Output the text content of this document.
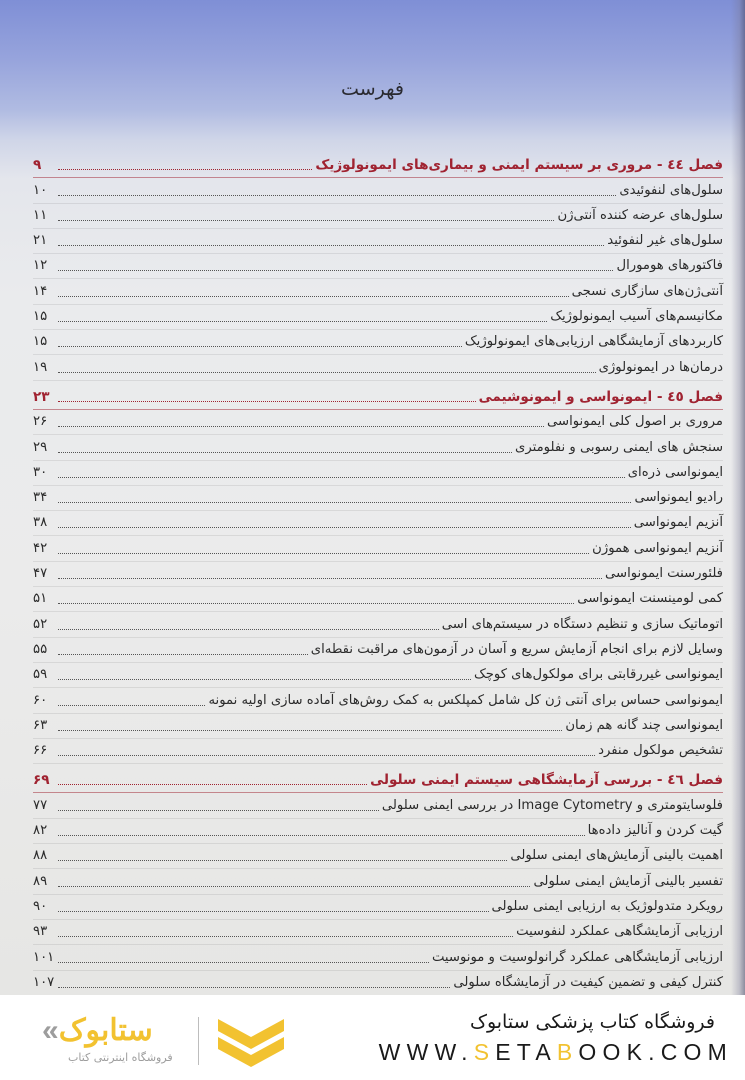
فهرست
فصل ٤٤ - مروری بر سیستم ایمنی و بیماری‌های ایمونولوژیک
۹
سلول‌های لنفوئیدی
۱۰
سلول‌های عرضه کننده آنتی‌ژن
۱۱
سلول‌های غیر لنفوئید
۲۱
فاکتورهای هومورال
۱۲
آنتی‌ژن‌های سازگاری نسجی
۱۴
مکانیسم‌های آسیب ایمونولوژیک
۱۵
کاربردهای آزمایشگاهی ارزیابی‌های ایمونولوژیک
۱۵
درمان‌ها در ایمونولوژی
۱۹
فصل ٤٥ - ایمونواسی و ایمونوشیمی
۲۳
مروری بر اصول کلی ایمونواسی
۲۶
سنجش های ایمنی رسوبی و نفلومتری
۲۹
ایمونواسی ذره‌ای
۳۰
رادیو ایمونواسی
۳۴
آنزیم ایمونواسی
۳۸
آنزیم ایمونواسی هموژن
۴۲
فلئورسنت ایمونواسی
۴۷
کمی لومینسنت ایمونواسی
۵۱
اتوماتیک سازی و تنظیم دستگاه در سیستم‌های اسی
۵۲
وسایل لازم برای انجام آزمایش سریع و آسان در آزمون‌های مراقبت نقطه‌ای
۵۵
ایمونواسی غیررقابتی برای مولکول‌های کوچک
۵۹
ایمونواسی حساس برای آنتی ژن کل شامل کمپلکس به کمک روش‌های آماده سازی اولیه نمونه
۶۰
ایمونواسی چند گانه هم زمان
۶۳
تشخیص مولکول منفرد
۶۶
فصل ٤٦ - بررسی آزمایشگاهی سیستم ایمنی سلولی
۶۹
فلوسایتومتری و Image Cytometry در بررسی ایمنی سلولی
۷۷
گیت کردن و آنالیز داده‌ها
۸۲
اهمیت بالینی آزمایش‌های ایمنی سلولی
۸۸
تفسیر بالینی آزمایش ایمنی سلولی
۸۹
رویکرد متدولوژیک به ارزیابی ایمنی سلولی
۹۰
ارزیابی آزمایشگاهی عملکرد لنفوسیت
۹۳
ارزیابی آزمایشگاهی عملکرد گرانولوسیت و مونوسیت
۱۰۱
کنترل کیفی و تضمین کیفیت در آزمایشگاه سلولی
۱۰۷
«ستابوک
فروشگاه اینترنتی کتاب
فروشگاه کتاب پزشکی ستابوک
WWW.SETABOOK.COM
